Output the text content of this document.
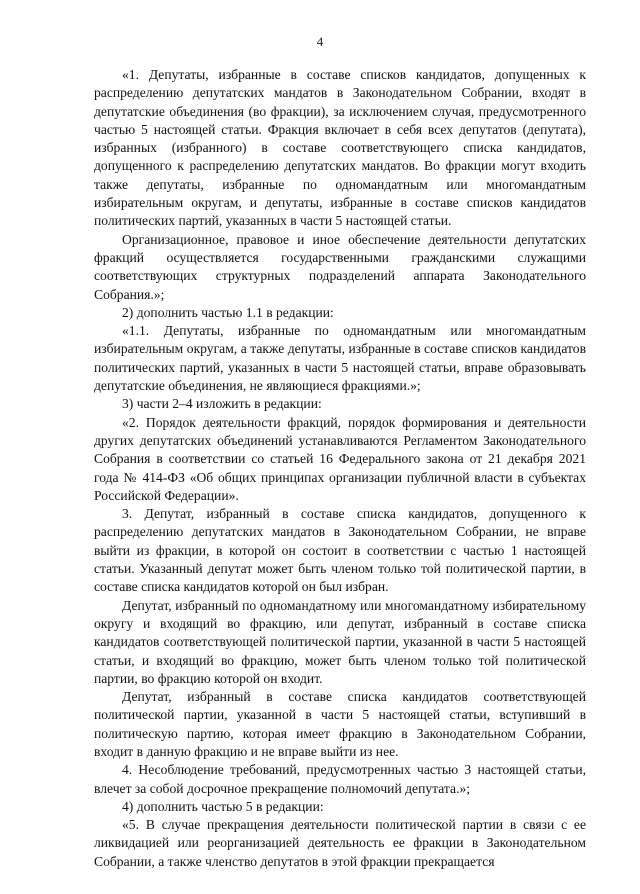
4

«1. Депутаты, избранные в составе списков кандидатов, допущенных к распределению депутатских мандатов в Законодательном Собрании, входят в депутатские объединения (во фракции), за исключением случая, предусмотренного частью 5 настоящей статьи. Фракция включает в себя всех депутатов (депутата), избранных (избранного) в составе соответствующего списка кандидатов, допущенного к распределению депутатских мандатов. Во фракции могут входить также депутаты, избранные по одномандатным или многомандатным избирательным округам, и депутаты, избранные в составе списков кандидатов политических партий, указанных в части 5 настоящей статьи.

Организационное, правовое и иное обеспечение деятельности депутатских фракций осуществляется государственными гражданскими служащими соответствующих структурных подразделений аппарата Законодательного Собрания.»;

2) дополнить частью 1.1 в редакции:

«1.1. Депутаты, избранные по одномандатным или многомандатным избирательным округам, а также депутаты, избранные в составе списков кандидатов политических партий, указанных в части 5 настоящей статьи, вправе образовывать депутатские объединения, не являющиеся фракциями.»;

3) части 2–4 изложить в редакции:

«2. Порядок деятельности фракций, порядок формирования и деятельности других депутатских объединений устанавливаются Регламентом Законодательного Собрания в соответствии со статьей 16 Федерального закона от 21 декабря 2021 года № 414-ФЗ «Об общих принципах организации публичной власти в субъектах Российской Федерации».

3. Депутат, избранный в составе списка кандидатов, допущенного к распределению депутатских мандатов в Законодательном Собрании, не вправе выйти из фракции, в которой он состоит в соответствии с частью 1 настоящей статьи. Указанный депутат может быть членом только той политической партии, в составе списка кандидатов которой он был избран.

Депутат, избранный по одномандатному или многомандатному избирательному округу и входящий во фракцию, или депутат, избранный в составе списка кандидатов соответствующей политической партии, указанной в части 5 настоящей статьи, и входящий во фракцию, может быть членом только той политической партии, во фракцию которой он входит.

Депутат, избранный в составе списка кандидатов соответствующей политической партии, указанной в части 5 настоящей статьи, вступивший в политическую партию, которая имеет фракцию в Законодательном Собрании, входит в данную фракцию и не вправе выйти из нее.

4. Несоблюдение требований, предусмотренных частью 3 настоящей статьи, влечет за собой досрочное прекращение полномочий депутата.»;

4) дополнить частью 5 в редакции:

«5. В случае прекращения деятельности политической партии в связи с ее ликвидацией или реорганизацией деятельность ее фракции в Законодательном Собрании, а также членство депутатов в этой фракции прекращается
